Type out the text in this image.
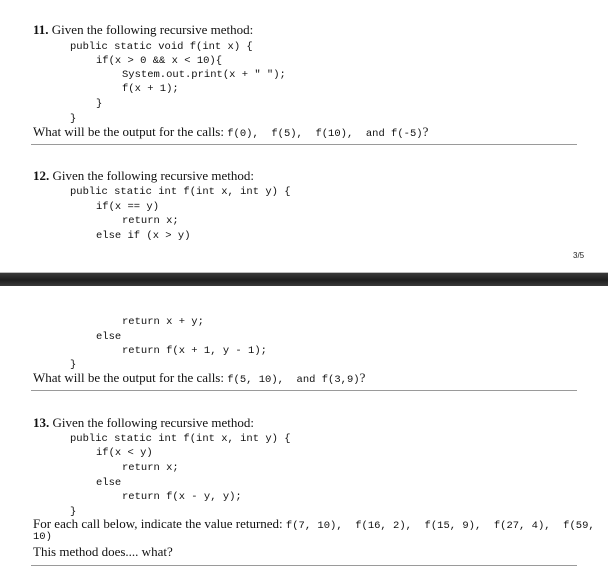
11. Given the following recursive method:
public static void f(int x) {
if(x > 0 && x < 10){
System.out.print(x + " ");
f(x + 1);
}
}
What will be the output for the calls: f(0),  f(5),  f(10),  and f(-5)?
12. Given the following recursive method:
public static int f(int x, int y) {
if(x == y)
return x;
else if (x > y)
3/5
return x + y;
else
return f(x + 1, y - 1);
}
What will be the output for the calls: f(5, 10),  and f(3,9)?
13. Given the following recursive method:
public static int f(int x, int y) {
if(x < y)
return x;
else
return f(x - y, y);
}
For each call below, indicate the value returned: f(7, 10),  f(16, 2),  f(15, 9),  f(27, 4),  f(59,
10)
This method does.... what?
